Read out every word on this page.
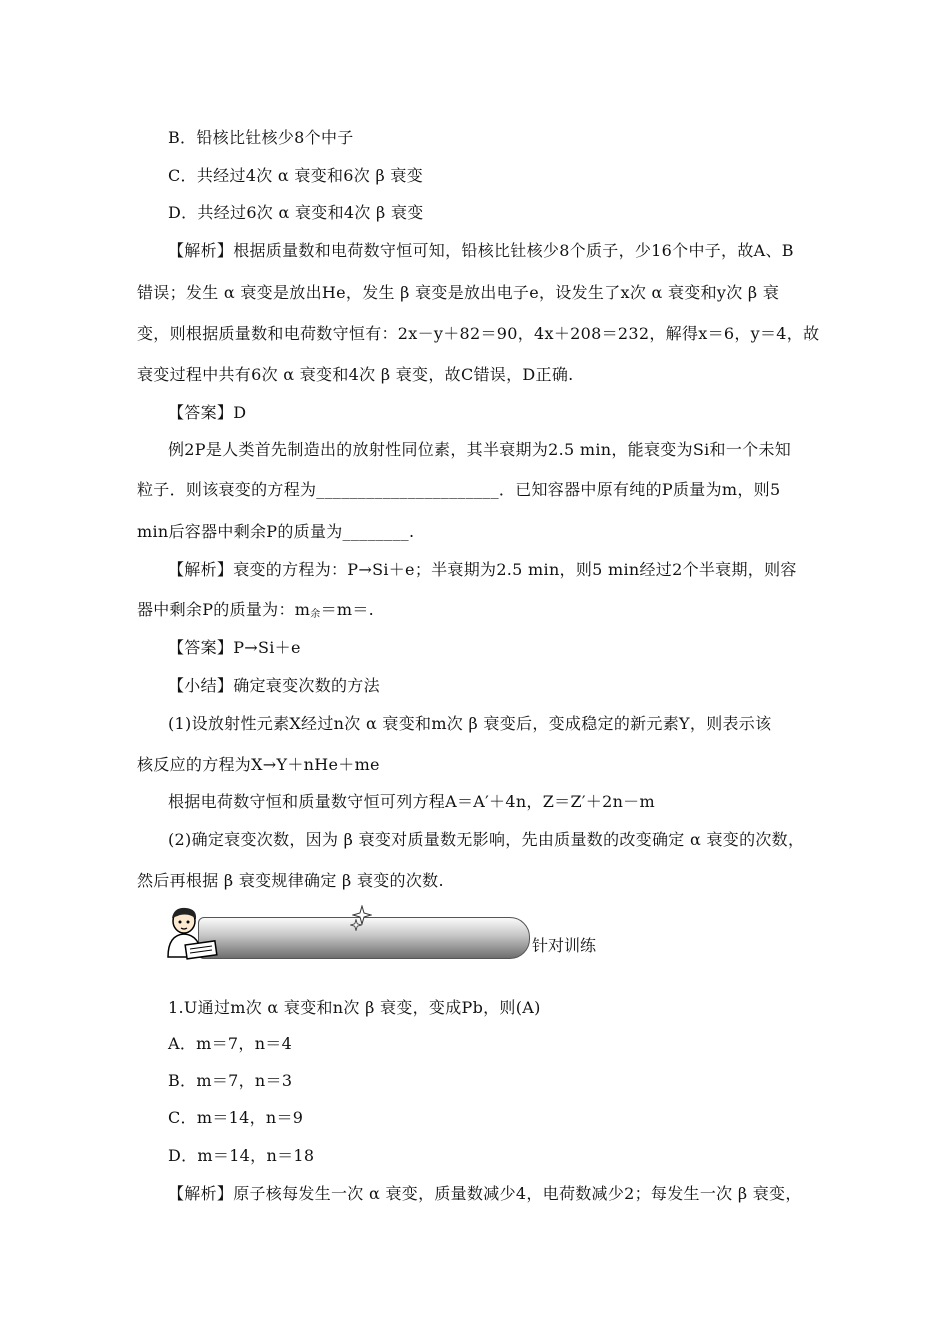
B．铅核比钍核少8个中子
C．共经过4次 α 衰变和6次 β 衰变
D．共经过6次 α 衰变和4次 β 衰变
【解析】根据质量数和电荷数守恒可知，铅核比钍核少8个质子，少16个中子，故A、B
错误；发生 α 衰变是放出He，发生 β 衰变是放出电子e，设发生了x次 α 衰变和y次 β 衰
变，则根据质量数和电荷数守恒有：2x－y＋82＝90，4x＋208＝232，解得x＝6，y＝4，故
衰变过程中共有6次 α 衰变和4次 β 衰变，故C错误，D正确.
【答案】D
例2P是人类首先制造出的放射性同位素，其半衰期为2.5 min，能衰变为Si和一个未知
粒子．则该衰变的方程为______________________．已知容器中原有纯的P质量为m，则5
min后容器中剩余P的质量为________.
【解析】衰变的方程为：P→Si＋e；半衰期为2.5 min，则5 min经过2个半衰期，则容
器中剩余P的质量为：$m_余=m=$.
【答案】P→Si＋e
【小结】确定衰变次数的方法
(1)设放射性元素X经过n次 α 衰变和m次 β 衰变后，变成稳定的新元素Y，则表示该
核反应的方程为X→Y＋nHe＋me
根据电荷数守恒和质量数守恒可列方程A＝A′＋4n，Z＝Z′＋2n－m
(2)确定衰变次数，因为 β 衰变对质量数无影响，先由质量数的改变确定 α 衰变的次数，
然后再根据 β 衰变规律确定 β 衰变的次数.
针对训练
1.U通过m次 α 衰变和n次 β 衰变，变成Pb，则(A)
A．m＝7，n＝4
B．m＝7，n＝3
C．m＝14，n＝9
D．m＝14，n＝18
【解析】原子核每发生一次 α 衰变，质量数减少4，电荷数减少2；每发生一次 β 衰变，
